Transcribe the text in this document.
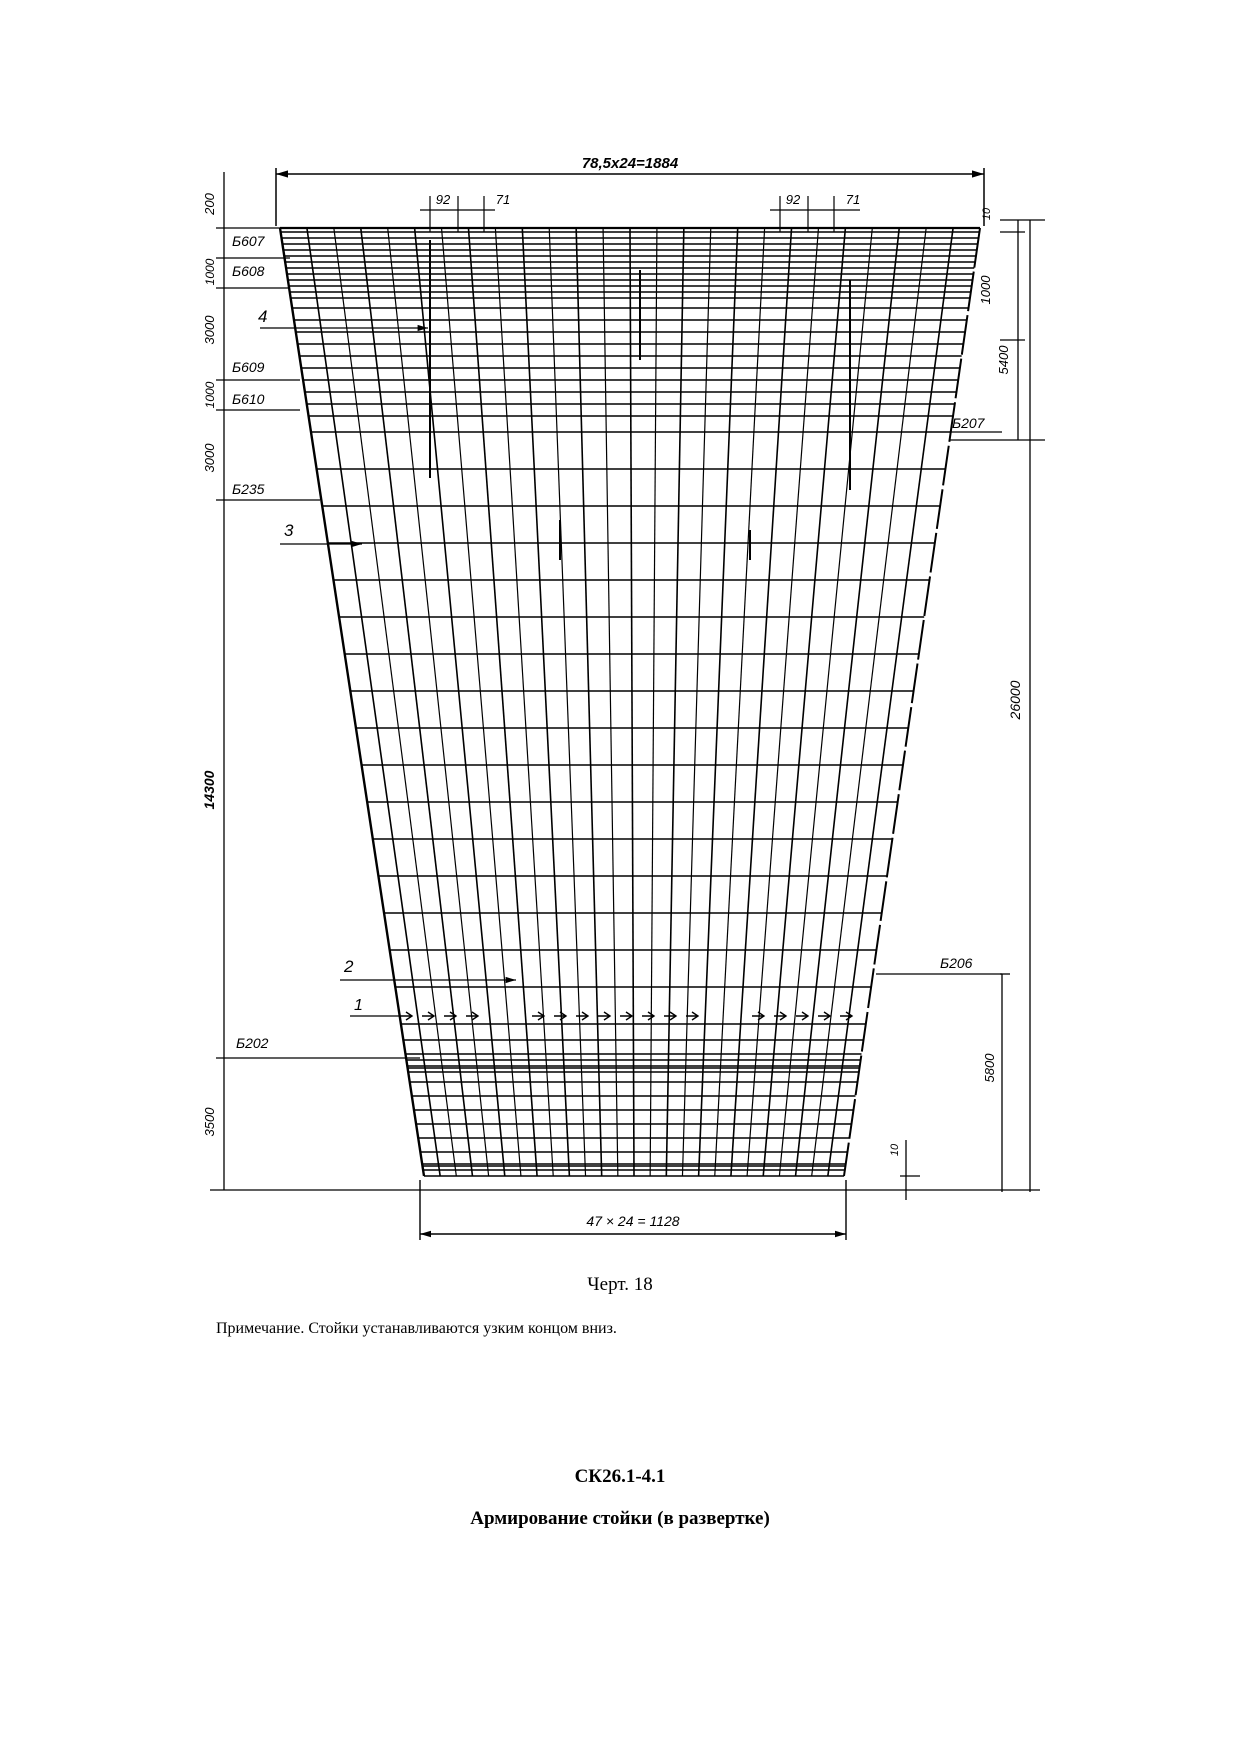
78,5x24=1884
92	71	92	71
200
1000
3000
1000
3000
14300
3500
Б607
Б608
Б609
Б610
Б235
Б202
10
1000
5400
26000
5800
10
Б207
Б206
47 × 24 = 1128
4
3
2
1
Черт. 18
Примечание. Стойки устанавливаются узким концом вниз.
СК26.1-4.1
Армирование стойки (в развертке)
